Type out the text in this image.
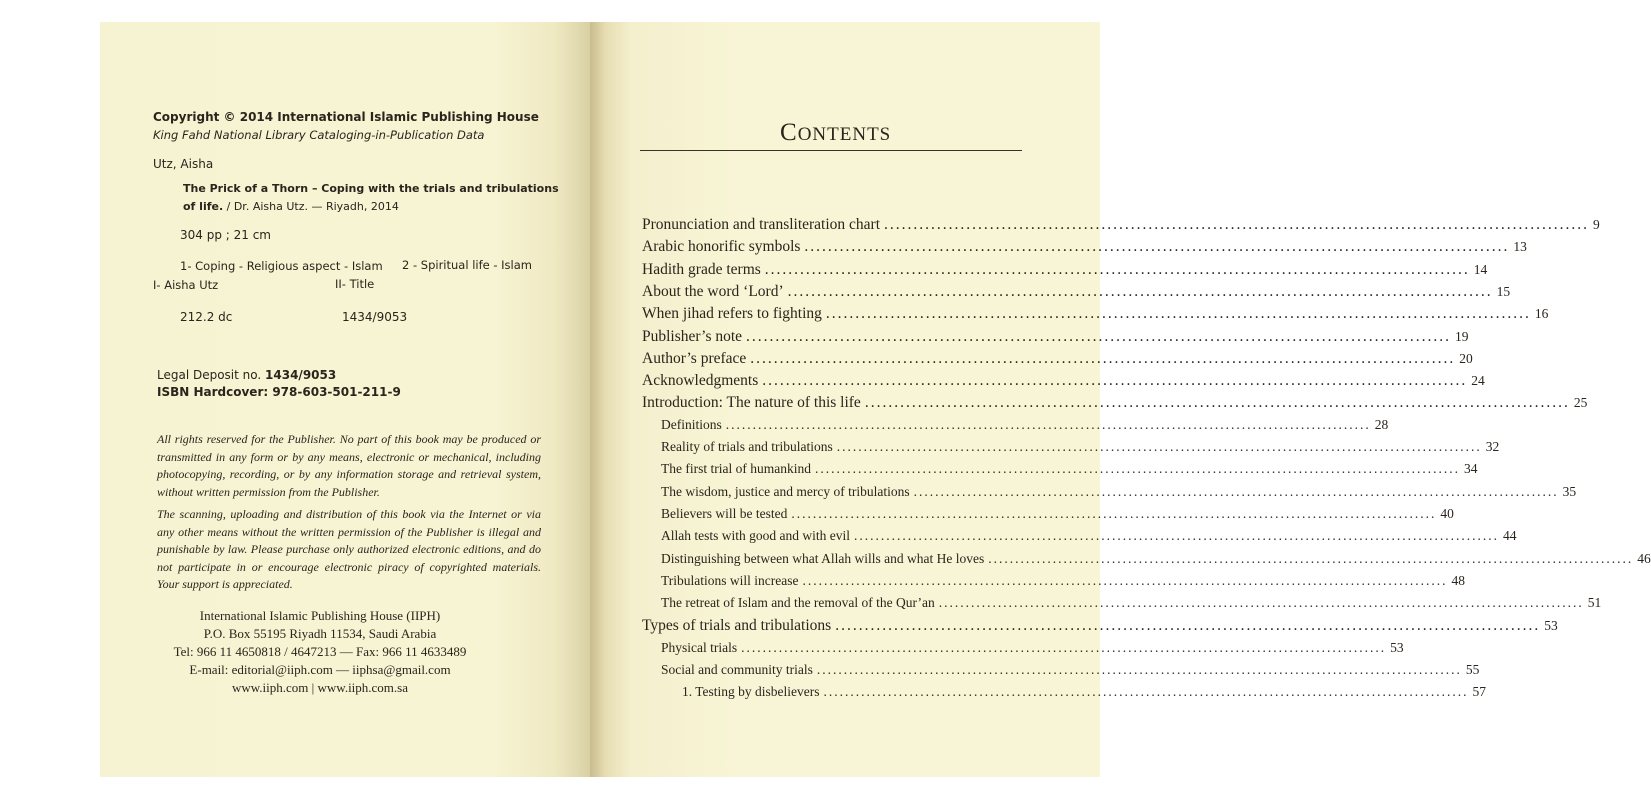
Copyright © 2014 International Islamic Publishing House
King Fahd National Library Cataloging-in-Publication Data
Utz, Aisha
The Prick of a Thorn – Coping with the trials and tribulations of life. / Dr. Aisha Utz. — Riyadh, 2014
304 pp ; 21 cm
1- Coping - Religious aspect - Islam 2 - Spiritual life - Islam
I- Aisha Utz	II- Title
212.2 dc	1434/9053
Legal Deposit no. 1434/9053
ISBN Hardcover: 978-603-501-211-9
All rights reserved for the Publisher. No part of this book may be produced or transmitted in any form or by any means, electronic or mechanical, including photocopying, recording, or by any information storage and retrieval system, without written permission from the Publisher.
The scanning, uploading and distribution of this book via the Internet or via any other means without the written permission of the Publisher is illegal and punishable by law. Please purchase only authorized electronic editions, and do not participate in or encourage electronic piracy of copyrighted materials. Your support is appreciated.
International Islamic Publishing House (IIPH)
P.O. Box 55195 Riyadh 11534, Saudi Arabia
Tel: 966 11 4650818 / 4647213 — Fax: 966 11 4633489
E-mail: editorial@iiph.com — iiphsa@gmail.com
www.iiph.com | www.iiph.com.sa
CONTENTS
Pronunciation and transliteration chart ........................................................................................................................ 9
Arabic honorific symbols ........................................................................................................................ 13
Hadith grade terms ........................................................................................................................ 14
About the word ‘Lord’ ........................................................................................................................ 15
When jihad refers to fighting ........................................................................................................................ 16
Publisher’s note ........................................................................................................................ 19
Author’s preface ........................................................................................................................ 20
Acknowledgments ........................................................................................................................ 24
Introduction: The nature of this life ........................................................................................................................ 25
Definitions ........................................................................................................................ 28
Reality of trials and tribulations ........................................................................................................................ 32
The first trial of humankind ........................................................................................................................ 34
The wisdom, justice and mercy of tribulations ........................................................................................................................ 35
Believers will be tested ........................................................................................................................ 40
Allah tests with good and with evil ........................................................................................................................ 44
Distinguishing between what Allah wills and what He loves ........................................................................................................................ 46
Tribulations will increase ........................................................................................................................ 48
The retreat of Islam and the removal of the Qur’an ........................................................................................................................ 51
Types of trials and tribulations ........................................................................................................................ 53
Physical trials ........................................................................................................................ 53
Social and community trials ........................................................................................................................ 55
1. Testing by disbelievers ........................................................................................................................ 57
